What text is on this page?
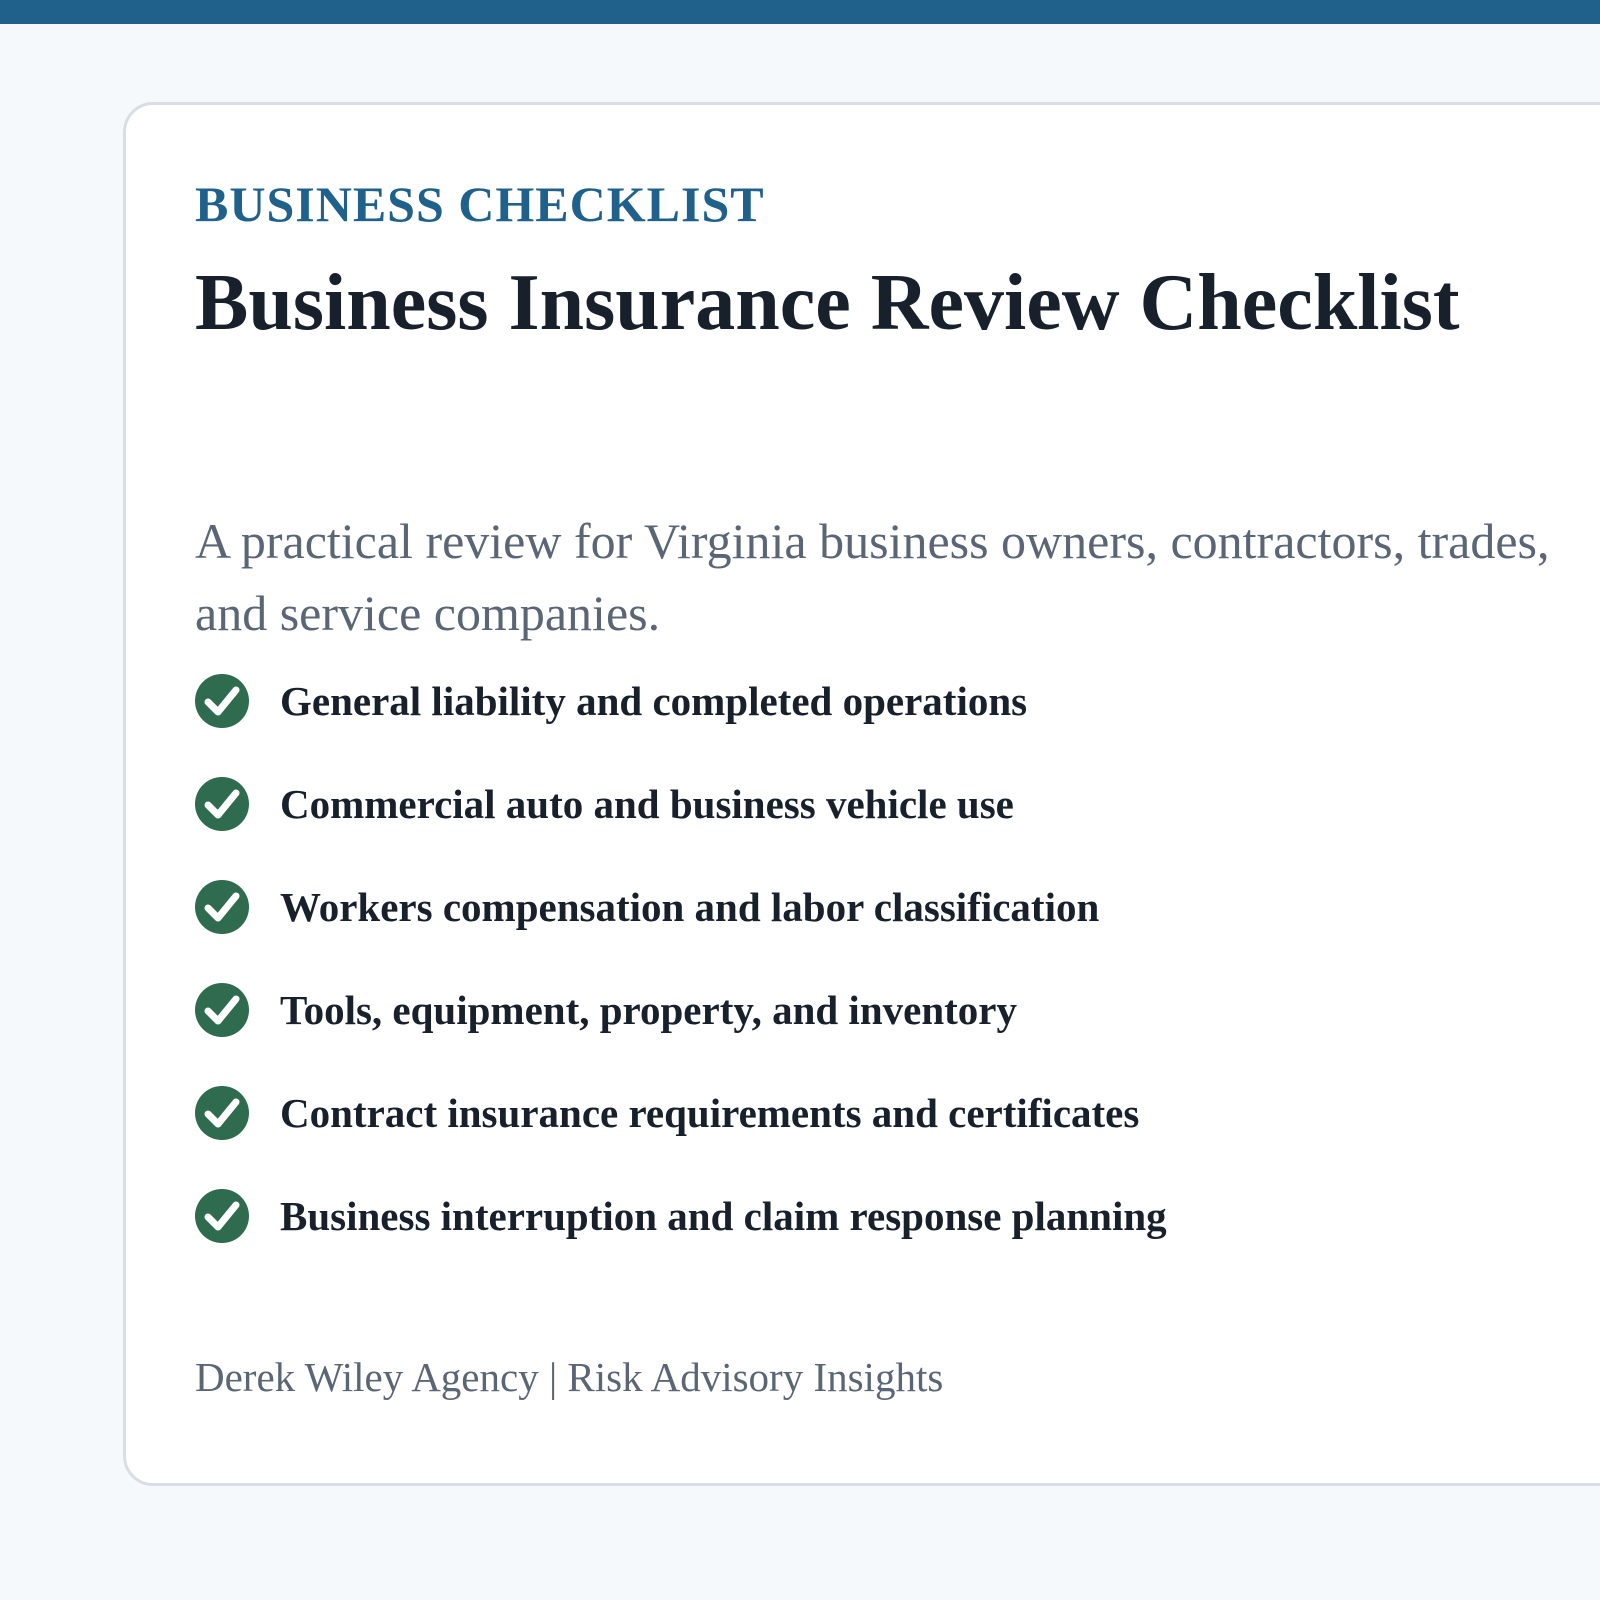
BUSINESS CHECKLIST

Business Insurance Review Checklist

A practical review for Virginia business owners, contractors, trades, and service companies.

General liability and completed operations
Commercial auto and business vehicle use
Workers compensation and labor classification
Tools, equipment, property, and inventory
Contract insurance requirements and certificates
Business interruption and claim response planning

Derek Wiley Agency | Risk Advisory Insights
